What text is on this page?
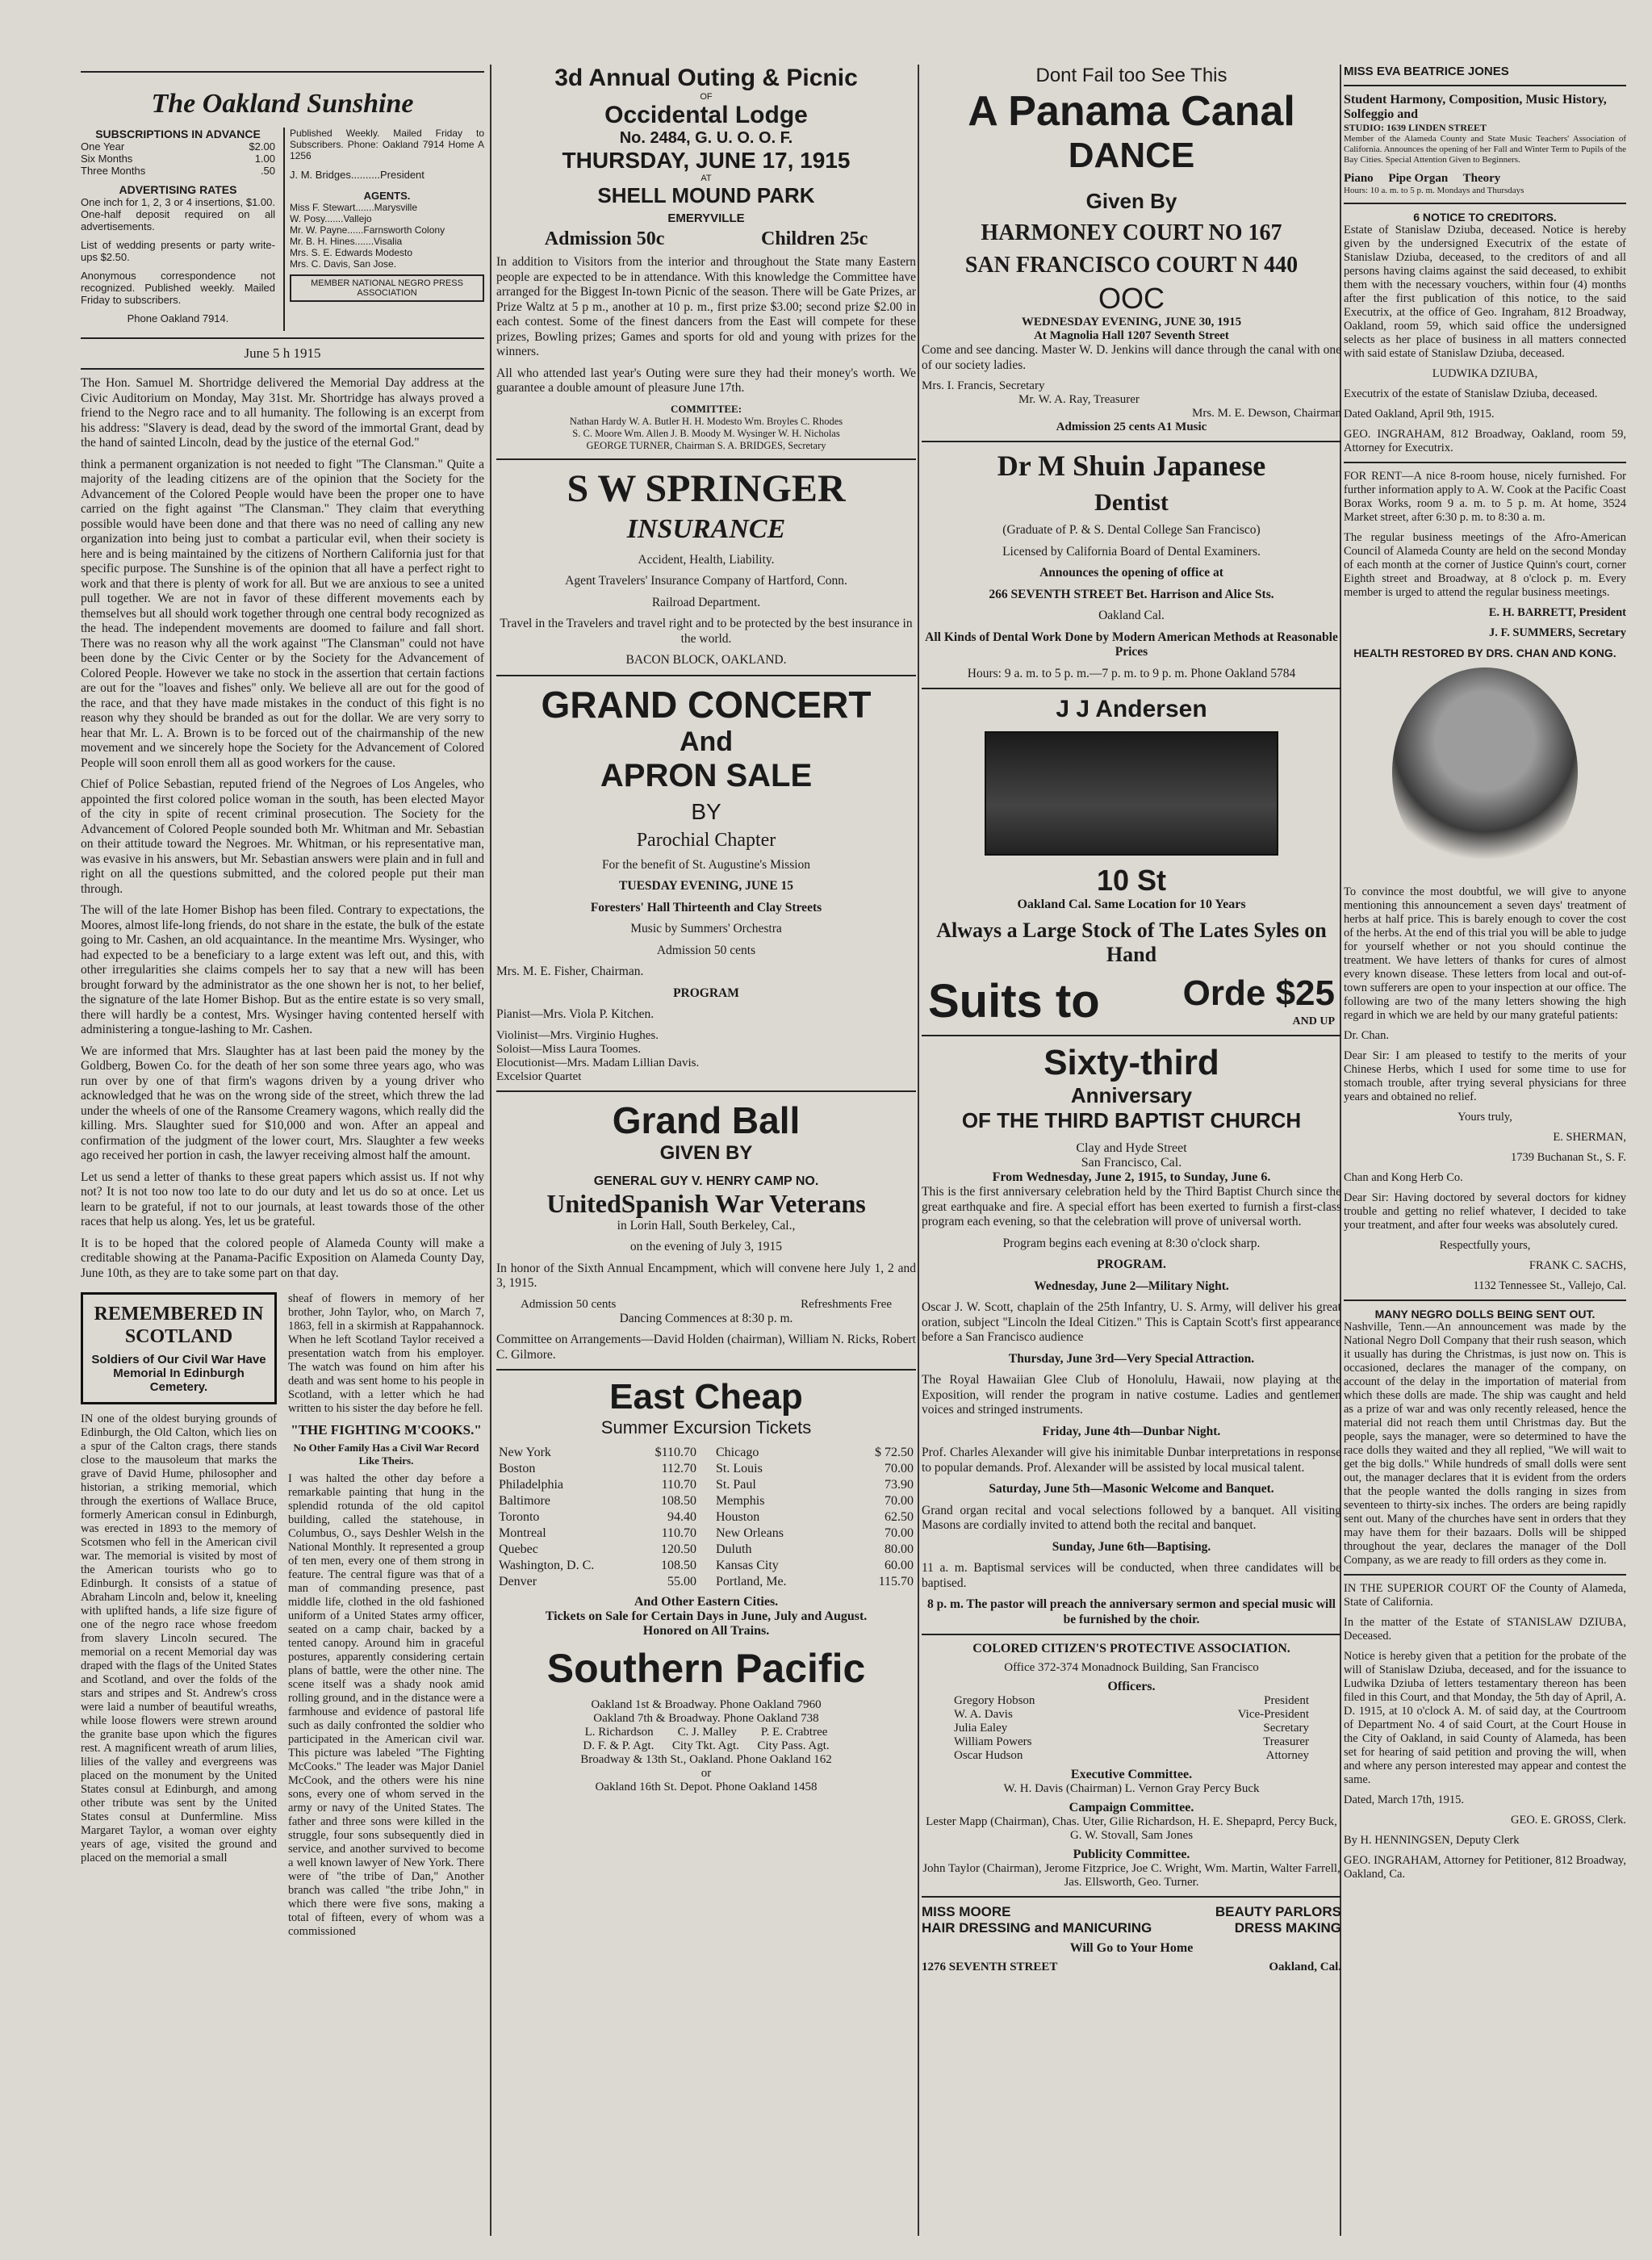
The Oakland Sunshine
SUBSCRIPTIONS IN ADVANCE
One Year	$2.00
Six Months	1.00
Three Months	.50
ADVERTISING RATES

One inch for 1, 2, 3 or 4 insertions, $1.00. One-half deposit required on all advertisements.

List of wedding presents or party write-ups $2.50.

Anonymous correspondence not recognized. Published weekly. Mailed Friday to subscribers.

Phone Oakland 7914.

Published Weekly. Mailed Friday to Subscribers. Phone: Oakland 7914 Home A 1256

J. M. Bridges..........President

AGENTS.
Miss F. Stewart.......Marysville
W. Posy.......Vallejo
Mr. W. Payne......Farnsworth Colony
Mr. B. H. Hines.......Visalia
Mrs. S. E. Edwards Modesto
Mrs. C. Davis, San Jose.
MEMBER NATIONAL NEGRO PRESS ASSOCIATION
June 5 h 1915

The Hon. Samuel M. Shortridge delivered the Memorial Day address at the Civic Auditorium on Monday, May 31st. Mr. Shortridge has always proved a friend to the Negro race and to all humanity. The following is an excerpt from his address: "Slavery is dead, dead by the sword of the immortal Grant, dead by the hand of sainted Lincoln, dead by the justice of the eternal God."

think a permanent organization is not needed to fight "The Clansman." Quite a majority of the leading citizens are of the opinion that the Society for the Advancement of the Colored People would have been the proper one to have carried on the fight against "The Clansman." They claim that everything possible would have been done and that there was no need of calling any new organization into being just to combat a particular evil, when their society is here and is being maintained by the citizens of Northern California just for that specific purpose. The Sunshine is of the opinion that all have a perfect right to work and that there is plenty of work for all. But we are anxious to see a united pull together. We are not in favor of these different movements each by themselves but all should work together through one central body recognized as the head. The independent movements are doomed to failure and fall short. There was no reason why all the work against "The Clansman" could not have been done by the Civic Center or by the Society for the Advancement of Colored People. However we take no stock in the assertion that certain factions are out for the "loaves and fishes" only. We believe all are out for the good of the race, and that they have made mistakes in the conduct of this fight is no reason why they should be branded as out for the dollar. We are very sorry to hear that Mr. L. A. Brown is to be forced out of the chairmanship of the new movement and we sincerely hope the Society for the Advancement of Colored People will soon enroll them all as good workers for the cause.

Chief of Police Sebastian, reputed friend of the Negroes of Los Angeles, who appointed the first colored police woman in the south, has been elected Mayor of the city in spite of recent criminal prosecution. The Society for the Advancement of Colored People sounded both Mr. Whitman and Mr. Sebastian on their attitude toward the Negroes. Mr. Whitman, or his representative man, was evasive in his answers, but Mr. Sebastian answers were plain and in full and right on all the questions submitted, and the colored people put their man through.

The will of the late Homer Bishop has been filed. Contrary to expectations, the Moores, almost life-long friends, do not share in the estate, the bulk of the estate going to Mr. Cashen, an old acquaintance. In the meantime Mrs. Wysinger, who had expected to be a beneficiary to a large extent was left out, and this, with other irregularities she claims compels her to say that a new will has been brought forward by the administrator as the one shown her is not, to her belief, the signature of the late Homer Bishop. But as the entire estate is so very small, there will hardly be a contest, Mrs. Wysinger having contented herself with administering a tongue-lashing to Mr. Cashen.

We are informed that Mrs. Slaughter has at last been paid the money by the Goldberg, Bowen Co. for the death of her son some three years ago, who was run over by one of that firm's wagons driven by a young driver who acknowledged that he was on the wrong side of the street, which threw the lad under the wheels of one of the Ransome Creamery wagons, which really did the killing. Mrs. Slaughter sued for $10,000 and won. After an appeal and confirmation of the judgment of the lower court, Mrs. Slaughter a few weeks ago received her portion in cash, the lawyer receiving almost half the amount.

Let us send a letter of thanks to these great papers which assist us. If not why not? It is not too now too late to do our duty and let us do so at once. Let us learn to be grateful, if not to our journals, at least towards those of the other races that help us along. Yes, let us be grateful.

It is to be hoped that the colored people of Alameda County will make a creditable showing at the Panama-Pacific Exposition on Alameda County Day, June 10th, as they are to take some part on that day.

REMEMBERED IN SCOTLAND
Soldiers of Our Civil War Have Memorial In Edinburgh Cemetery.

IN one of the oldest burying grounds of Edinburgh, the Old Calton, which lies on a spur of the Calton crags, there stands close to the mausoleum that marks the grave of David Hume, philosopher and historian, a striking memorial, which through the exertions of Wallace Bruce, formerly American consul in Edinburgh, was erected in 1893 to the memory of Scotsmen who fell in the American civil war. The memorial is visited by most of the American tourists who go to Edinburgh. It consists of a statue of Abraham Lincoln and, below it, kneeling with uplifted hands, a life size figure of one of the negro race whose freedom from slavery Lincoln secured. The memorial on a recent Memorial day was draped with the flags of the United States and Scotland, and over the folds of the stars and stripes and St. Andrew's cross were laid a number of beautiful wreaths, while loose flowers were strewn around the granite base upon which the figures rest. A magnificent wreath of arum lilies, lilies of the valley and evergreens was placed on the monument by the United States consul at Edinburgh, and among other tribute was sent by the United States consul at Dunfermline. Miss Margaret Taylor, a woman over eighty years of age, visited the ground and placed on the memorial a small

sheaf of flowers in memory of her brother, John Taylor, who, on March 7, 1863, fell in a skirmish at Rappahannock. When he left Scotland Taylor received a presentation watch from his employer. The watch was found on him after his death and was sent home to his people in Scotland, with a letter which he had written to his sister the day before he fell.

"THE FIGHTING M'COOKS."
No Other Family Has a Civil War Record Like Theirs.

I was halted the other day before a remarkable painting that hung in the splendid rotunda of the old capitol building, called the statehouse, in Columbus, O., says Deshler Welsh in the National Monthly. It represented a group of ten men, every one of them strong in feature. The central figure was that of a man of commanding presence, past middle life, clothed in the old fashioned uniform of a United States army officer, seated on a camp chair, backed by a tented canopy. Around him in graceful postures, apparently considering certain plans of battle, were the other nine. The scene itself was a shady nook amid rolling ground, and in the distance were a farmhouse and evidence of pastoral life such as daily confronted the soldier who participated in the American civil war. This picture was labeled "The Fighting McCooks." The leader was Major Daniel McCook, and the others were his nine sons, every one of whom served in the army or navy of the United States. The father and three sons were killed in the struggle, four sons subsequently died in service, and another survived to become a well known lawyer of New York. There were of "the tribe of Dan," Another branch was called "the tribe John," in which there were five sons, making a total of fifteen, every of whom was a commissioned

3d Annual Outing & Picnic
OF
Occidental Lodge
No. 2484, G. U. O. O. F.
THURSDAY, JUNE 17, 1915
AT
SHELL MOUND PARK
EMERYVILLE
Admission 50c	Children 25c

In addition to Visitors from the interior and throughout the State many Eastern people are expected to be in attendance. With this knowledge the Committee have arranged for the Biggest In-town Picnic of the season. There will be Gate Prizes, ar Prize Waltz at 5 p m., another at 10 p. m., first prize $3.00; second prize $2.00 in each contest. Some of the finest dancers from the East will compete for these prizes, Bowling prizes; Games and sports for old and young with prizes for the winners.

All who attended last year's Outing were sure they had their money's worth. We guarantee a double amount of pleasure June 17th.

COMMITTEE:
Nathan Hardy W. A. Butler H. H. Modesto Wm. Broyles C. Rhodes
S. C. Moore Wm. Allen J. B. Moody M. Wysinger W. H. Nicholas
GEORGE TURNER, Chairman S. A. BRIDGES, Secretary
S W SPRINGER
INSURANCE

Accident, Health, Liability.

Agent Travelers' Insurance Company of Hartford, Conn.

Railroad Department.

Travel in the Travelers and travel right and to be protected by the best insurance in the world.

BACON BLOCK, OAKLAND.

GRAND CONCERT
And
APRON SALE
BY
Parochial Chapter

For the benefit of St. Augustine's Mission

TUESDAY EVENING, JUNE 15

Foresters' Hall Thirteenth and Clay Streets

Music by Summers' Orchestra

Admission 50 cents

Mrs. M. E. Fisher, Chairman.

PROGRAM

Pianist—Mrs. Viola P. Kitchen.

Violinist—Mrs. Virginio Hughes.
Soloist—Miss Laura Toomes.
Elocutionist—Mrs. Madam Lillian Davis.
Excelsior Quartet
Grand Ball
GIVEN BY
GENERAL GUY V. HENRY CAMP NO.
UnitedSpanish War Veterans

in Lorin Hall, South Berkeley, Cal.,

on the evening of July 3, 1915

In honor of the Sixth Annual Encampment, which will convene here July 1, 2 and 3, 1915.

Admission 50 cents	Refreshments Free

Dancing Commences at 8:30 p. m.

Committee on Arrangements—David Holden (chairman), William N. Ricks, Robert C. Gilmore.

East Cheap
Summer Excursion Tickets
New York	$110.70
Boston	112.70
Philadelphia	110.70
Baltimore	108.50
Toronto	94.40
Montreal	110.70
Quebec	120.50
Washington, D. C.	108.50
Denver	55.00
Chicago	$ 72.50
St. Louis	70.00
St. Paul	73.90
Memphis	70.00
Houston	62.50
New Orleans	70.00
Duluth	80.00
Kansas City	60.00
Portland, Me.	115.70
And Other Eastern Cities.
Tickets on Sale for Certain Days in June, July and August.
Honored on All Trains.
Southern Pacific
Oakland 1st & Broadway. Phone Oakland 7960
Oakland 7th & Broadway. Phone Oakland 738
L. Richardson        C. J. Malley        P. E. Crabtree
D. F. & P. Agt.      City Tkt. Agt.      City Pass. Agt.
Broadway & 13th St., Oakland. Phone Oakland 162
or
Oakland 16th St. Depot. Phone Oakland 1458
Dont Fail too See This
A Panama Canal
DANCE
Given By
HARMONEY COURT NO 167
SAN FRANCISCO COURT N 440
OOC
WEDNESDAY EVENING, JUNE 30, 1915
At Magnolia Hall 1207 Seventh Street

Come and see dancing. Master W. D. Jenkins will dance through the canal with one of our society ladies.

Mrs. I. Francis, Secretary
Mr. W. A. Ray, Treasurer
Mrs. M. E. Dewson, Chairman
Admission 25 cents A1 Music
Dr M Shuin Japanese
Dentist

(Graduate of P. & S. Dental College San Francisco)

Licensed by California Board of Dental Examiners.

Announces the opening of office at

266 SEVENTH STREET Bet. Harrison and Alice Sts.

Oakland Cal.

All Kinds of Dental Work Done by Modern American Methods at Reasonable Prices

Hours: 9 a. m. to 5 p. m.—7 p. m. to 9 p. m. Phone Oakland 5784

J J Andersen
10 St
Oakland Cal. Same Location for 10 Years
Always a Large Stock of The Lates Syles on Hand
Suits to Orde $25
AND UP
Sixty-third
Anniversary
OF THE THIRD BAPTIST CHURCH
Clay and Hyde Street
San Francisco, Cal.
From Wednesday, June 2, 1915, to Sunday, June 6.

This is the first anniversary celebration held by the Third Baptist Church since the great earthquake and fire. A special effort has been exerted to furnish a first-class program each evening, so that the celebration will prove of universal worth.

Program begins each evening at 8:30 o'clock sharp.

PROGRAM.

Wednesday, June 2—Military Night.

Oscar J. W. Scott, chaplain of the 25th Infantry, U. S. Army, will deliver his great oration, subject "Lincoln the Ideal Citizen." This is Captain Scott's first appearance before a San Francisco audience

Thursday, June 3rd—Very Special Attraction.

The Royal Hawaiian Glee Club of Honolulu, Hawaii, now playing at the Exposition, will render the program in native costume. Ladies and gentlemen voices and stringed instruments.

Friday, June 4th—Dunbar Night.

Prof. Charles Alexander will give his inimitable Dunbar interpretations in response to popular demands. Prof. Alexander will be assisted by local musical talent.

Saturday, June 5th—Masonic Welcome and Banquet.

Grand organ recital and vocal selections followed by a banquet. All visiting Masons are cordially invited to attend both the recital and banquet.

Sunday, June 6th—Baptising.

11 a. m. Baptismal services will be conducted, when three candidates will be baptised.

8 p. m. The pastor will preach the anniversary sermon and special music will be furnished by the choir.

COLORED CITIZEN'S PROTECTIVE ASSOCIATION.
Office 372-374 Monadnock Building, San Francisco
Officers.
Gregory Hobson	President
W. A. Davis	Vice-President
Julia Ealey	Secretary
William Powers	Treasurer
Oscar Hudson	Attorney
Executive Committee.
W. H. Davis (Chairman) L. Vernon Gray Percy Buck
Campaign Committee.
Lester Mapp (Chairman), Chas. Uter, Gilie Richardson, H. E. Shepaprd, Percy Buck, G. W. Stovall, Sam Jones
Publicity Committee.
John Taylor (Chairman), Jerome Fitzprice, Joe C. Wright, Wm. Martin, Walter Farrell, Jas. Ellsworth, Geo. Turner.
MISS MOORE	BEAUTY PARLORS
HAIR DRESSING and MANICURING	DRESS MAKING
Will Go to Your Home
1276 SEVENTH STREET	Oakland, Cal.
MISS EVA BEATRICE JONES
Student Harmony, Composition, Music History, Solfeggio and
STUDIO: 1639 LINDEN STREET

Member of the Alameda County and State Music Teachers' Association of California. Announces the opening of her Fall and Winter Term to Pupils of the Bay Cities. Special Attention Given to Beginners.

Piano     Pipe Organ     Theory

Hours: 10 a. m. to 5 p. m. Mondays and Thursdays

6 NOTICE TO CREDITORS.

Estate of Stanislaw Dziuba, deceased. Notice is hereby given by the undersigned Executrix of the estate of Stanislaw Dziuba, deceased, to the creditors of and all persons having claims against the said deceased, to exhibit them with the necessary vouchers, within four (4) months after the first publication of this notice, to the said Executrix, at the office of Geo. Ingraham, 812 Broadway, Oakland, room 59, which said office the undersigned selects as her place of business in all matters connected with said estate of Stanislaw Dziuba, deceased.

LUDWIKA DZIUBA,

Executrix of the estate of Stanislaw Dziuba, deceased.

Dated Oakland, April 9th, 1915.

GEO. INGRAHAM, 812 Broadway, Oakland, room 59, Attorney for Executrix.

FOR RENT—A nice 8-room house, nicely furnished. For further information apply to A. W. Cook at the Pacific Coast Borax Works, room 9 a. m. to 5 p. m. At home, 3524 Market street, after 6:30 p. m. to 8:30 a. m.

The regular business meetings of the Afro-American Council of Alameda County are held on the second Monday of each month at the corner of Justice Quinn's court, corner Eighth street and Broadway, at 8 o'clock p. m. Every member is urged to attend the regular business meetings.

E. H. BARRETT, President

J. F. SUMMERS, Secretary

HEALTH RESTORED BY DRS. CHAN AND KONG.

To convince the most doubtful, we will give to anyone mentioning this announcement a seven days' treatment of herbs at half price. This is barely enough to cover the cost of the herbs. At the end of this trial you will be able to judge for yourself whether or not you should continue the treatment. We have letters of thanks for cures of almost every known disease. These letters from local and out-of-town sufferers are open to your inspection at our office. The following are two of the many letters showing the high regard in which we are held by our many grateful patients:

Dr. Chan.

Dear Sir: I am pleased to testify to the merits of your Chinese Herbs, which I used for some time to use for stomach trouble, after trying several physicians for three years and obtained no relief.

Yours truly,

E. SHERMAN,

1739 Buchanan St., S. F.

Chan and Kong Herb Co.

Dear Sir: Having doctored by several doctors for kidney trouble and getting no relief whatever, I decided to take your treatment, and after four weeks was absolutely cured.

Respectfully yours,

FRANK C. SACHS,

1132 Tennessee St., Vallejo, Cal.

MANY NEGRO DOLLS BEING SENT OUT.

Nashville, Tenn.—An announcement was made by the National Negro Doll Company that their rush season, which it usually has during the Christmas, is just now on. This is occasioned, declares the manager of the company, on account of the delay in the importation of material from which these dolls are made. The ship was caught and held as a prize of war and was only recently released, hence the material did not reach them until Christmas day. But the people, says the manager, were so determined to have the race dolls they waited and they all replied, "We will wait to get the big dolls." While hundreds of small dolls were sent out, the manager declares that it is evident from the orders that the people wanted the dolls ranging in sizes from seventeen to thirty-six inches. The orders are being rapidly sent out. Many of the churches have sent in orders that they may have them for their bazaars. Dolls will be shipped throughout the year, declares the manager of the Doll Company, as we are ready to fill orders as they come in.

IN THE SUPERIOR COURT OF the County of Alameda, State of California.

In the matter of the Estate of STANISLAW DZIUBA, Deceased.

Notice is hereby given that a petition for the probate of the will of Stanislaw Dziuba, deceased, and for the issuance to Ludwika Dziuba of letters testamentary thereon has been filed in this Court, and that Monday, the 5th day of April, A. D. 1915, at 10 o'clock A. M. of said day, at the Courtroom of Department No. 4 of said Court, at the Court House in the City of Oakland, in said County of Alameda, has been set for hearing of said petition and proving the will, when and where any person interested may appear and contest the same.

Dated, March 17th, 1915.

GEO. E. GROSS, Clerk.

By H. HENNINGSEN, Deputy Clerk

GEO. INGRAHAM, Attorney for Petitioner, 812 Broadway, Oakland, Ca.
